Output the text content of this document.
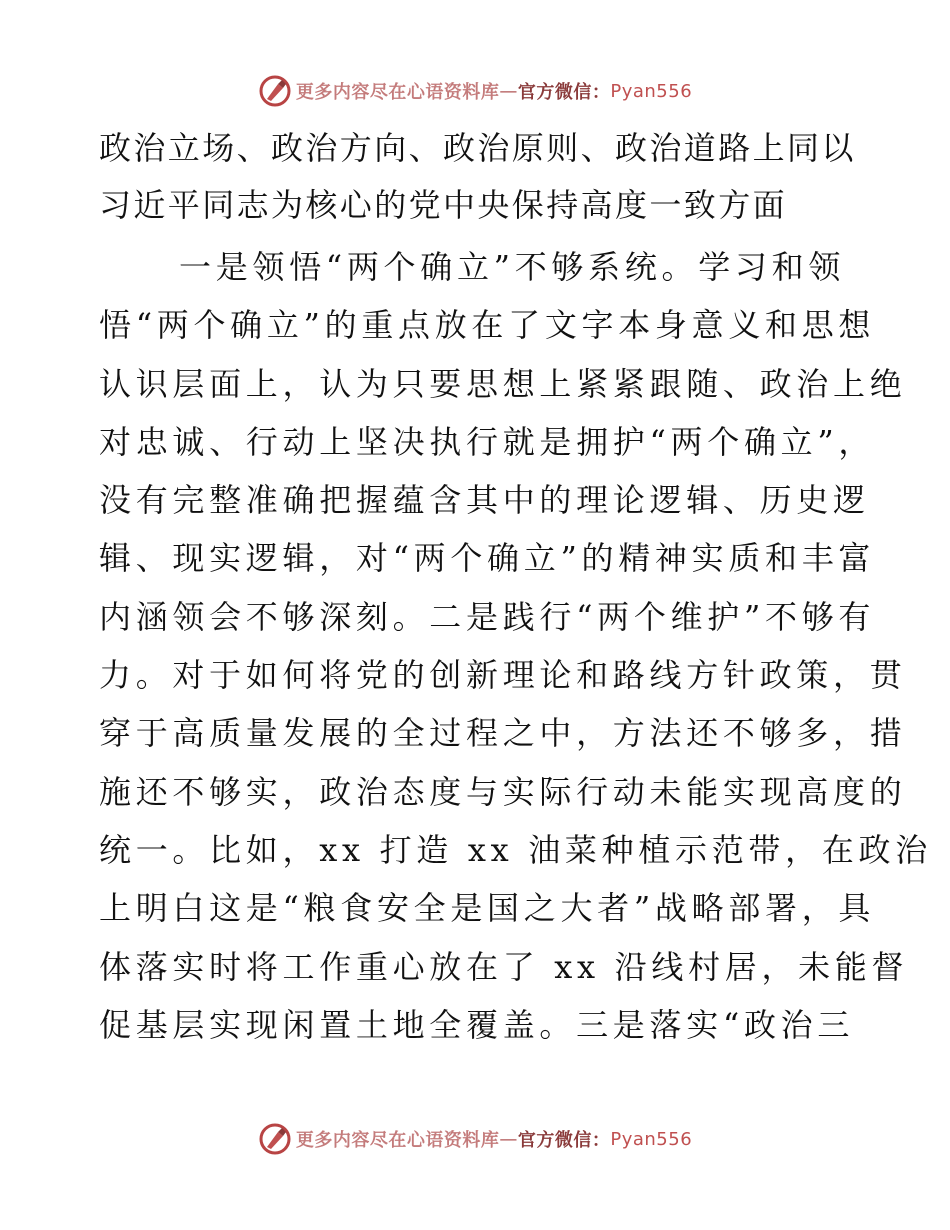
更多内容尽在心语资料库 — 官方微信： Pyan556
政治立场、政治方向、政治原则、政治道路上同以
习近平同志为核心的党中央保持高度一致方面
一是领悟“两个确立”不够系统。学习和领
悟“两个确立”的重点放在了文字本身意义和思想
认识层面上，认为只要思想上紧紧跟随、政治上绝
对忠诚、行动上坚决执行就是拥护“两个确立”，
没有完整准确把握蕴含其中的理论逻辑、历史逻
辑、现实逻辑，对“两个确立”的精神实质和丰富
内涵领会不够深刻。二是践行“两个维护”不够有
力。对于如何将党的创新理论和路线方针政策，贯
穿于高质量发展的全过程之中，方法还不够多，措
施还不够实，政治态度与实际行动未能实现高度的
统一。比如，xx 打造 xx 油菜种植示范带，在政治
上明白这是“粮食安全是国之大者”战略部署，具
体落实时将工作重心放在了 xx 沿线村居，未能督
促基层实现闲置土地全覆盖。三是落实“政治三
更多内容尽在心语资料库 — 官方微信： Pyan556
